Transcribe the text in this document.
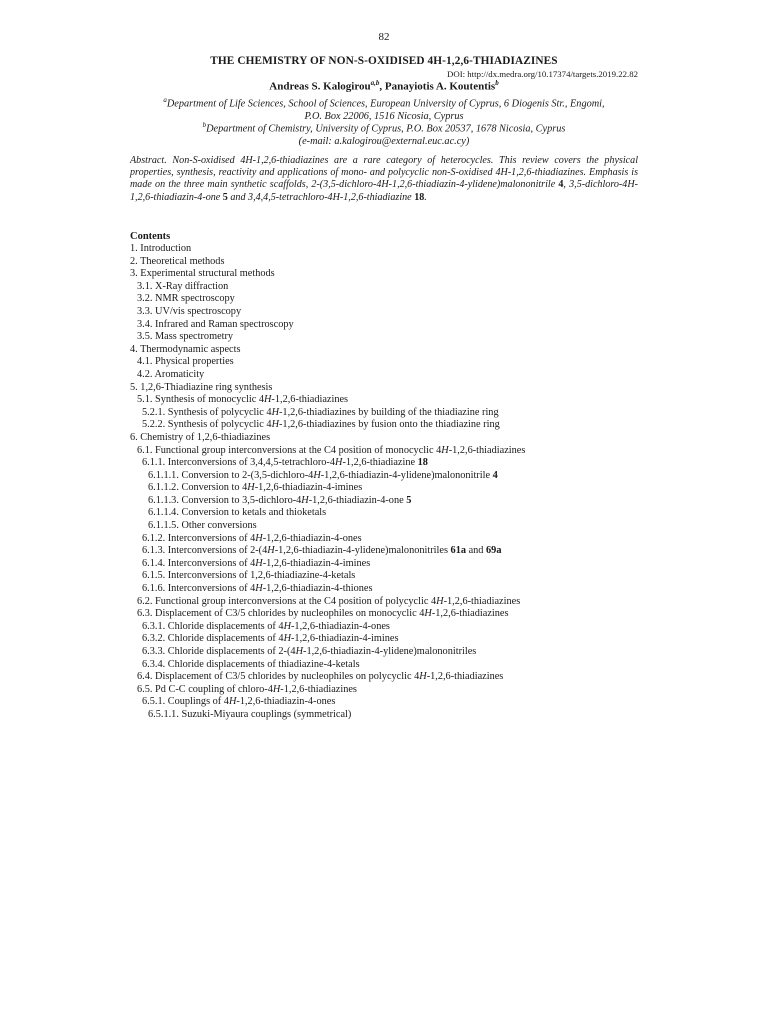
82
THE CHEMISTRY OF NON-S-OXIDISED 4H-1,2,6-THIADIAZINES
DOI: http://dx.medra.org/10.17374/targets.2019.22.82
Andreas S. Kalogirou$^{a,b}$, Panayiotis A. Koutentis$^b$
$^a$Department of Life Sciences, School of Sciences, European University of Cyprus, 6 Diogenis Str., Engomi,
P.O. Box 22006, 1516 Nicosia, Cyprus
$^b$Department of Chemistry, University of Cyprus, P.O. Box 20537, 1678 Nicosia, Cyprus
(e-mail: a.kalogirou@external.euc.ac.cy)
Abstract. Non-S-oxidised 4H-1,2,6-thiadiazines are a rare category of heterocycles. This review covers the physical properties, synthesis, reactivity and applications of mono- and polycyclic non-S-oxidised 4H-1,2,6-thiadiazines. Emphasis is made on the three main synthetic scaffolds, 2-(3,5-dichloro-4H-1,2,6-thiadiazin-4-ylidene)malononitrile 4, 3,5-dichloro-4H-1,2,6-thiadiazin-4-one 5 and 3,4,4,5-tetrachloro-4H-1,2,6-thiadiazine 18.
Contents
1. Introduction
2. Theoretical methods
3. Experimental structural methods
3.1. X-Ray diffraction
3.2. NMR spectroscopy
3.3. UV/vis spectroscopy
3.4. Infrared and Raman spectroscopy
3.5. Mass spectrometry
4. Thermodynamic aspects
4.1. Physical properties
4.2. Aromaticity
5. 1,2,6-Thiadiazine ring synthesis
5.1. Synthesis of monocyclic 4H-1,2,6-thiadiazines
5.2.1. Synthesis of polycyclic 4H-1,2,6-thiadiazines by building of the thiadiazine ring
5.2.2. Synthesis of polycyclic 4H-1,2,6-thiadiazines by fusion onto the thiadiazine ring
6. Chemistry of 1,2,6-thiadiazines
6.1. Functional group interconversions at the C4 position of monocyclic 4H-1,2,6-thiadiazines
6.1.1. Interconversions of 3,4,4,5-tetrachloro-4H-1,2,6-thiadiazine 18
6.1.1.1. Conversion to 2-(3,5-dichloro-4H-1,2,6-thiadiazin-4-ylidene)malononitrile 4
6.1.1.2. Conversion to 4H-1,2,6-thiadiazin-4-imines
6.1.1.3. Conversion to 3,5-dichloro-4H-1,2,6-thiadiazin-4-one 5
6.1.1.4. Conversion to ketals and thioketals
6.1.1.5. Other conversions
6.1.2. Interconversions of 4H-1,2,6-thiadiazin-4-ones
6.1.3. Interconversions of 2-(4H-1,2,6-thiadiazin-4-ylidene)malononitriles 61a and 69a
6.1.4. Interconversions of 4H-1,2,6-thiadiazin-4-imines
6.1.5. Interconversions of 1,2,6-thiadiazine-4-ketals
6.1.6. Interconversions of 4H-1,2,6-thiadiazin-4-thiones
6.2. Functional group interconversions at the C4 position of polycyclic 4H-1,2,6-thiadiazines
6.3. Displacement of C3/5 chlorides by nucleophiles on monocyclic 4H-1,2,6-thiadiazines
6.3.1. Chloride displacements of 4H-1,2,6-thiadiazin-4-ones
6.3.2. Chloride displacements of 4H-1,2,6-thiadiazin-4-imines
6.3.3. Chloride displacements of 2-(4H-1,2,6-thiadiazin-4-ylidene)malononitriles
6.3.4. Chloride displacements of thiadiazine-4-ketals
6.4. Displacement of C3/5 chlorides by nucleophiles on polycyclic 4H-1,2,6-thiadiazines
6.5. Pd C-C coupling of chloro-4H-1,2,6-thiadiazines
6.5.1. Couplings of 4H-1,2,6-thiadiazin-4-ones
6.5.1.1. Suzuki-Miyaura couplings (symmetrical)
